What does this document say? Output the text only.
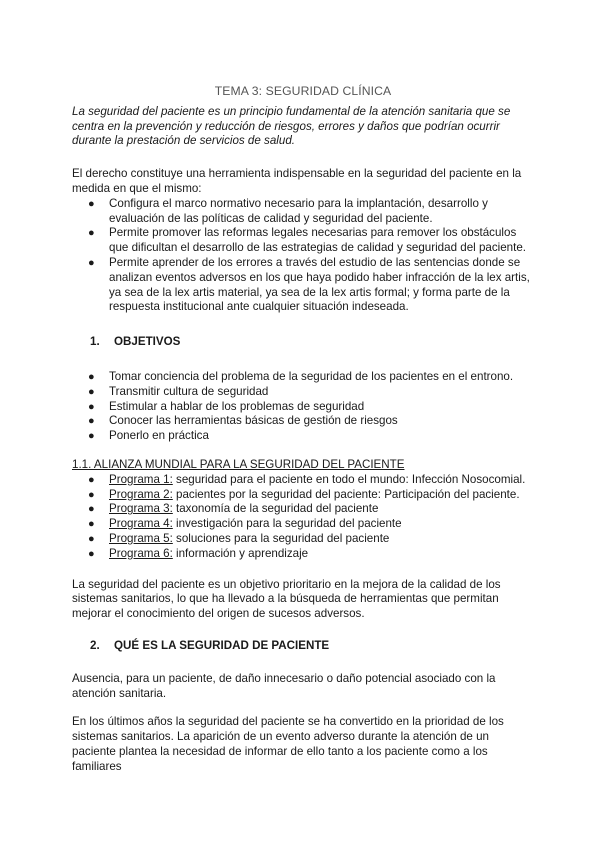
TEMA 3: SEGURIDAD CLÍNICA

La seguridad del paciente es un principio fundamental de la atención sanitaria que se centra en la prevención y reducción de riesgos, errores y daños que podrían ocurrir durante la prestación de servicios de salud.

El derecho constituye una herramienta indispensable en la seguridad del paciente en la medida en que el mismo:

● Configura el marco normativo necesario para la implantación, desarrollo y evaluación de las políticas de calidad y seguridad del paciente.
● Permite promover las reformas legales necesarias para remover los obstáculos que dificultan el desarrollo de las estrategias de calidad y seguridad del paciente.
● Permite aprender de los errores a través del estudio de las sentencias donde se analizan eventos adversos en los que haya podido haber infracción de la lex artis, ya sea de la lex artis material, ya sea de la lex artis formal; y forma parte de la respuesta institucional ante cualquier situación indeseada.

1. OBJETIVOS

● Tomar conciencia del problema de la seguridad de los pacientes en el entrono.
● Transmitir cultura de seguridad
● Estimular a hablar de los problemas de seguridad
● Conocer las herramientas básicas de gestión de riesgos
● Ponerlo en práctica

1.1. ALIANZA MUNDIAL PARA LA SEGURIDAD DEL PACIENTE

● Programa 1: seguridad para el paciente en todo el mundo: Infección Nosocomial.
● Programa 2: pacientes por la seguridad del paciente: Participación del paciente.
● Programa 3: taxonomía de la seguridad del paciente
● Programa 4: investigación para la seguridad del paciente
● Programa 5: soluciones para la seguridad del paciente
● Programa 6: información y aprendizaje

La seguridad del paciente es un objetivo prioritario en la mejora de la calidad de los sistemas sanitarios, lo que ha llevado a la búsqueda de herramientas que permitan mejorar el conocimiento del origen de sucesos adversos.

2. QUÉ ES LA SEGURIDAD DE PACIENTE

Ausencia, para un paciente, de daño innecesario o daño potencial asociado con la atención sanitaria.

En los últimos años la seguridad del paciente se ha convertido en la prioridad de los sistemas sanitarios. La aparición de un evento adverso durante la atención de un paciente plantea la necesidad de informar de ello tanto a los paciente como a los familiares
